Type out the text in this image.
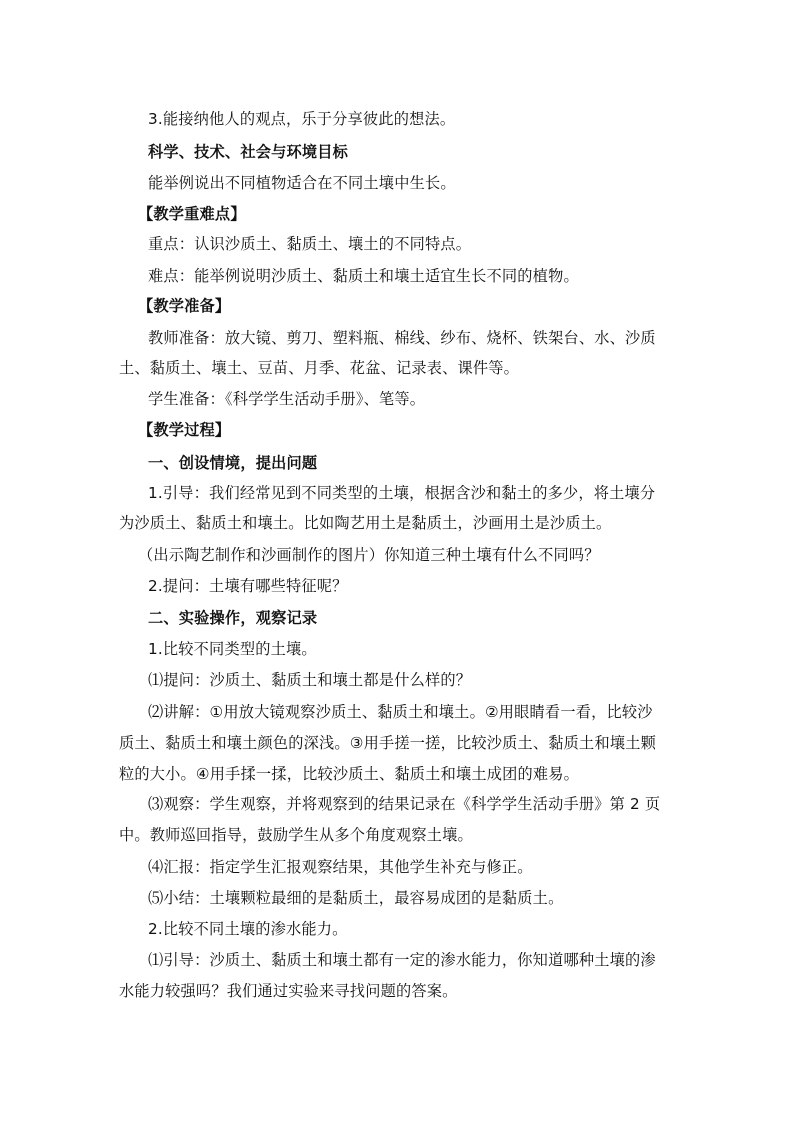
3.能接纳他人的观点，乐于分享彼此的想法。
科学、技术、社会与环境目标
能举例说出不同植物适合在不同土壤中生长。
【教学重难点】
重点：认识沙质土、黏质土、壤土的不同特点。
难点：能举例说明沙质土、黏质土和壤土适宜生长不同的植物。
【教学准备】
教师准备：放大镜、剪刀、塑料瓶、棉线、纱布、烧杯、铁架台、水、沙质
土、黏质土、壤土、豆苗、月季、花盆、记录表、课件等。
学生准备：《科学学生活动手册》、笔等。
【教学过程】
一、创设情境，提出问题
1.引导：我们经常见到不同类型的土壤，根据含沙和黏土的多少，将土壤分
为沙质土、黏质土和壤土。比如陶艺用土是黏质土，沙画用土是沙质土。
（出示陶艺制作和沙画制作的图片）你知道三种土壤有什么不同吗？
2.提问：土壤有哪些特征呢？
二、实验操作，观察记录
1.比较不同类型的土壤。
⑴提问：沙质土、黏质土和壤土都是什么样的？
⑵讲解：①用放大镜观察沙质土、黏质土和壤土。②用眼睛看一看，比较沙
质土、黏质土和壤土颜色的深浅。③用手搓一搓，比较沙质土、黏质土和壤土颗
粒的大小。④用手揉一揉，比较沙质土、黏质土和壤土成团的难易。
⑶观察：学生观察，并将观察到的结果记录在《科学学生活动手册》第 2 页
中。教师巡回指导，鼓励学生从多个角度观察土壤。
⑷汇报：指定学生汇报观察结果，其他学生补充与修正。
⑸小结：土壤颗粒最细的是黏质土，最容易成团的是黏质土。
2.比较不同土壤的渗水能力。
⑴引导：沙质土、黏质土和壤土都有一定的渗水能力，你知道哪种土壤的渗
水能力较强吗？我们通过实验来寻找问题的答案。
